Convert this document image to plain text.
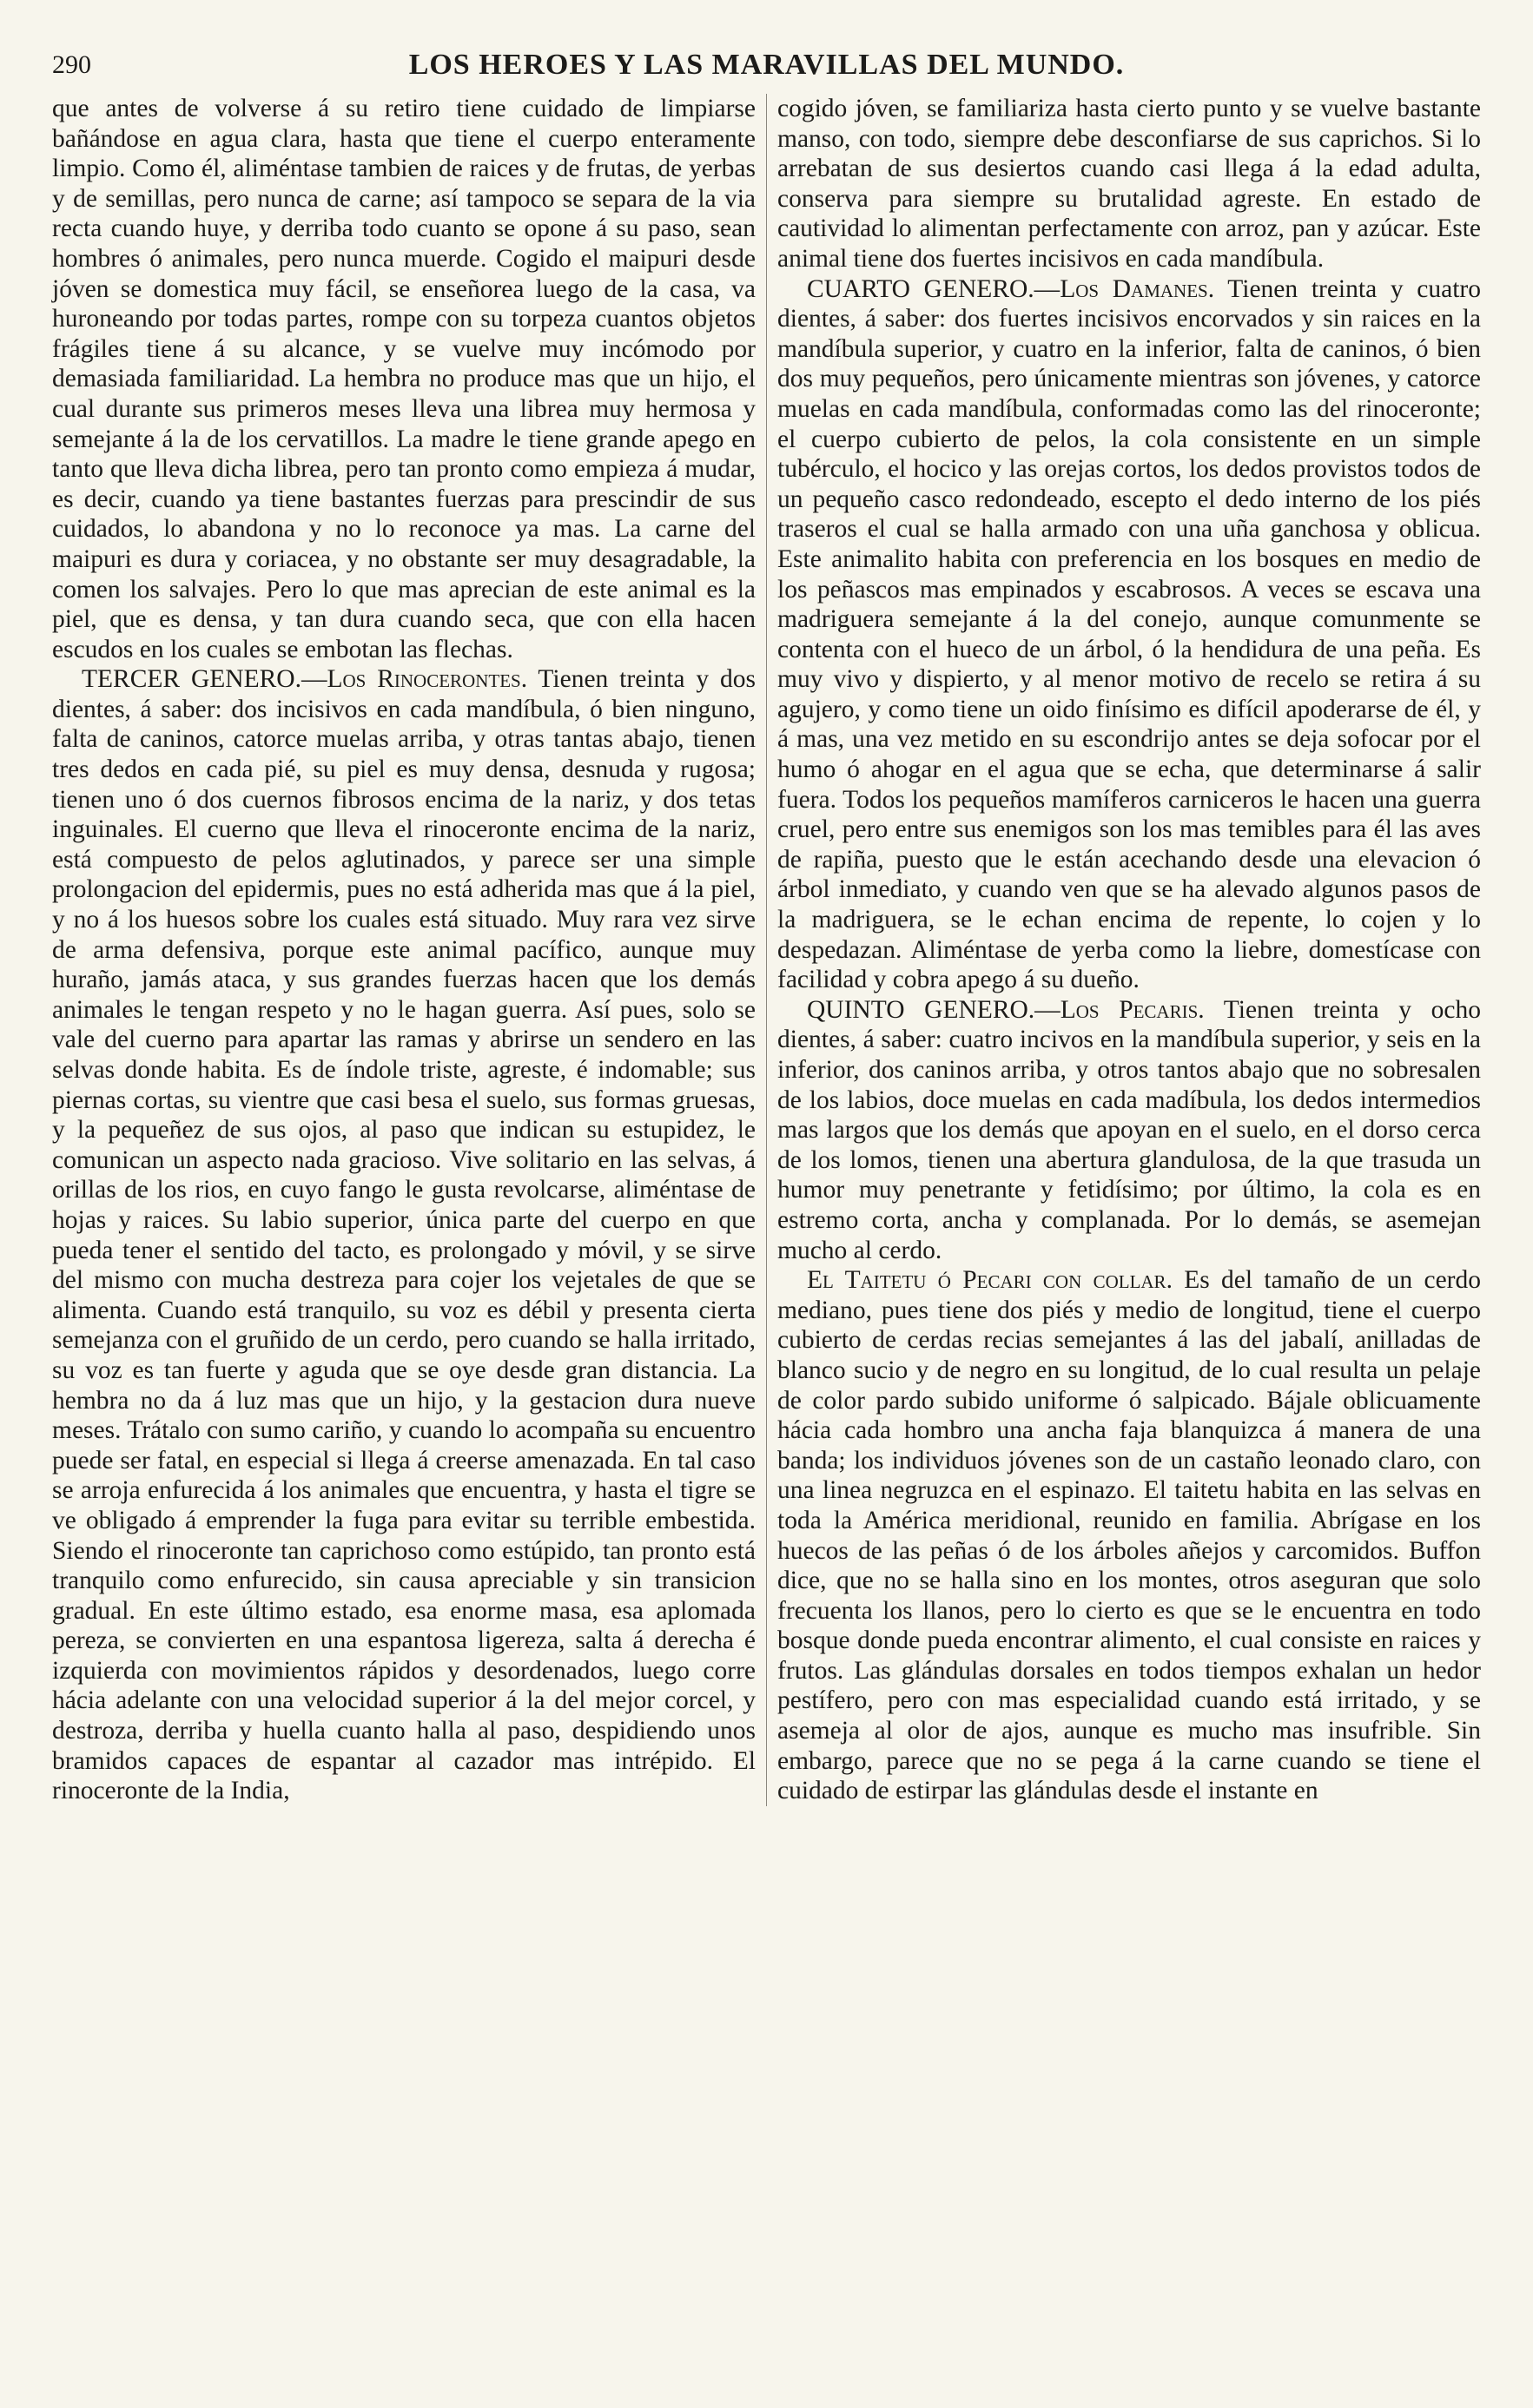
290	LOS HEROES Y LAS MARAVILLAS DEL MUNDO.

que antes de volverse á su retiro tiene cuidado de limpiarse bañándose en agua clara, hasta que tiene el cuerpo enteramente limpio. Como él, aliméntase tambien de raices y de frutas, de yerbas y de semillas, pero nunca de carne; así tampoco se separa de la via recta cuando huye, y derriba todo cuanto se opone á su paso, sean hombres ó animales, pero nunca muerde. Cogido el maipuri desde jóven se domestica muy fácil, se enseñorea luego de la casa, va huroneando por todas partes, rompe con su torpeza cuantos objetos frágiles tiene á su alcance, y se vuelve muy incómodo por demasiada familiaridad. La hembra no produce mas que un hijo, el cual durante sus primeros meses lleva una librea muy hermosa y semejante á la de los cervatillos. La madre le tiene grande apego en tanto que lleva dicha librea, pero tan pronto como empieza á mudar, es decir, cuando ya tiene bastantes fuerzas para prescindir de sus cuidados, lo abandona y no lo reconoce ya mas. La carne del maipuri es dura y coriacea, y no obstante ser muy desagradable, la comen los salvajes. Pero lo que mas aprecian de este animal es la piel, que es densa, y tan dura cuando seca, que con ella hacen escudos en los cuales se embotan las flechas.

TERCER GENERO.—Los Rinocerontes. Tienen treinta y dos dientes, á saber: dos incisivos en cada mandíbula, ó bien ninguno, falta de caninos, catorce muelas arriba, y otras tantas abajo, tienen tres dedos en cada pié, su piel es muy densa, desnuda y rugosa; tienen uno ó dos cuernos fibrosos encima de la nariz, y dos tetas inguinales. El cuerno que lleva el rinoceronte encima de la nariz, está compuesto de pelos aglutinados, y parece ser una simple prolongacion del epidermis, pues no está adherida mas que á la piel, y no á los huesos sobre los cuales está situado. Muy rara vez sirve de arma defensiva, porque este animal pacífico, aunque muy huraño, jamás ataca, y sus grandes fuerzas hacen que los demás animales le tengan respeto y no le hagan guerra. Así pues, solo se vale del cuerno para apartar las ramas y abrirse un sendero en las selvas donde habita. Es de índole triste, agreste, é indomable; sus piernas cortas, su vientre que casi besa el suelo, sus formas gruesas, y la pequeñez de sus ojos, al paso que indican su estupidez, le comunican un aspecto nada gracioso. Vive solitario en las selvas, á orillas de los rios, en cuyo fango le gusta revolcarse, aliméntase de hojas y raices. Su labio superior, única parte del cuerpo en que pueda tener el sentido del tacto, es prolongado y móvil, y se sirve del mismo con mucha destreza para cojer los vejetales de que se alimenta. Cuando está tranquilo, su voz es débil y presenta cierta semejanza con el gruñido de un cerdo, pero cuando se halla irritado, su voz es tan fuerte y aguda que se oye desde gran distancia. La hembra no da á luz mas que un hijo, y la gestacion dura nueve meses. Trátalo con sumo cariño, y cuando lo acompaña su encuentro puede ser fatal, en especial si llega á creerse amenazada. En tal caso se arroja enfurecida á los animales que encuentra, y hasta el tigre se ve obligado á emprender la fuga para evitar su terrible embestida. Siendo el rinoceronte tan caprichoso como estúpido, tan pronto está tranquilo como enfurecido, sin causa apreciable y sin transicion gradual. En este último estado, esa enorme masa, esa aplomada pereza, se convierten en una espantosa ligereza, salta á derecha é izquierda con movimientos rápidos y desordenados, luego corre hácia adelante con una velocidad superior á la del mejor corcel, y destroza, derriba y huella cuanto halla al paso, despidiendo unos bramidos capaces de espantar al cazador mas intrépido. El rinoceronte de la India,

cogido jóven, se familiariza hasta cierto punto y se vuelve bastante manso, con todo, siempre debe desconfiarse de sus caprichos. Si lo arrebatan de sus desiertos cuando casi llega á la edad adulta, conserva para siempre su brutalidad agreste. En estado de cautividad lo alimentan perfectamente con arroz, pan y azúcar. Este animal tiene dos fuertes incisivos en cada mandíbula.

CUARTO GENERO.—Los Damanes. Tienen treinta y cuatro dientes, á saber: dos fuertes incisivos encorvados y sin raices en la mandíbula superior, y cuatro en la inferior, falta de caninos, ó bien dos muy pequeños, pero únicamente mientras son jóvenes, y catorce muelas en cada mandíbula, conformadas como las del rinoceronte; el cuerpo cubierto de pelos, la cola consistente en un simple tubérculo, el hocico y las orejas cortos, los dedos provistos todos de un pequeño casco redondeado, escepto el dedo interno de los piés traseros el cual se halla armado con una uña ganchosa y oblicua. Este animalito habita con preferencia en los bosques en medio de los peñascos mas empinados y escabrosos. A veces se escava una madriguera semejante á la del conejo, aunque comunmente se contenta con el hueco de un árbol, ó la hendidura de una peña. Es muy vivo y dispierto, y al menor motivo de recelo se retira á su agujero, y como tiene un oido finísimo es difícil apoderarse de él, y á mas, una vez metido en su escondrijo antes se deja sofocar por el humo ó ahogar en el agua que se echa, que determinarse á salir fuera. Todos los pequeños mamíferos carniceros le hacen una guerra cruel, pero entre sus enemigos son los mas temibles para él las aves de rapiña, puesto que le están acechando desde una elevacion ó árbol inmediato, y cuando ven que se ha alevado algunos pasos de la madriguera, se le echan encima de repente, lo cojen y lo despedazan. Aliméntase de yerba como la liebre, domestícase con facilidad y cobra apego á su dueño.

QUINTO GENERO.—Los Pecaris. Tienen treinta y ocho dientes, á saber: cuatro incivos en la mandíbula superior, y seis en la inferior, dos caninos arriba, y otros tantos abajo que no sobresalen de los labios, doce muelas en cada madíbula, los dedos intermedios mas largos que los demás que apoyan en el suelo, en el dorso cerca de los lomos, tienen una abertura glandulosa, de la que trasuda un humor muy penetrante y fetidísimo; por último, la cola es en estremo corta, ancha y complanada. Por lo demás, se asemejan mucho al cerdo.

El Taitetu ó Pecari con collar. Es del tamaño de un cerdo mediano, pues tiene dos piés y medio de longitud, tiene el cuerpo cubierto de cerdas recias semejantes á las del jabalí, anilladas de blanco sucio y de negro en su longitud, de lo cual resulta un pelaje de color pardo subido uniforme ó salpicado. Bájale oblicuamente hácia cada hombro una ancha faja blanquizca á manera de una banda; los individuos jóvenes son de un castaño leonado claro, con una linea negruzca en el espinazo. El taitetu habita en las selvas en toda la América meridional, reunido en familia. Abrígase en los huecos de las peñas ó de los árboles añejos y carcomidos. Buffon dice, que no se halla sino en los montes, otros aseguran que solo frecuenta los llanos, pero lo cierto es que se le encuentra en todo bosque donde pueda encontrar alimento, el cual consiste en raices y frutos. Las glándulas dorsales en todos tiempos exhalan un hedor pestífero, pero con mas especialidad cuando está irritado, y se asemeja al olor de ajos, aunque es mucho mas insufrible. Sin embargo, parece que no se pega á la carne cuando se tiene el cuidado de estirpar las glándulas desde el instante en
